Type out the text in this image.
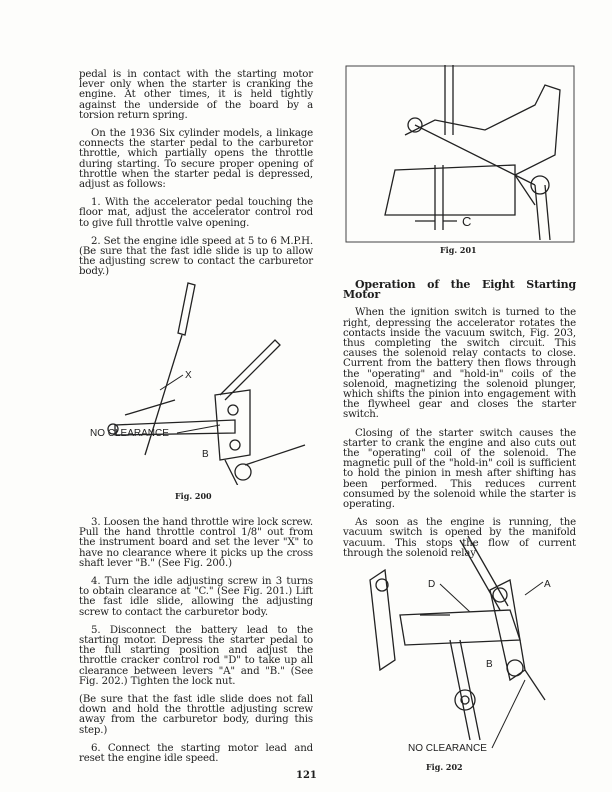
pedal is in contact with the starting motor lever only when the starter is cranking the engine. At other times, it is held tightly against the underside of the board by a torsion return spring.

On the 1936 Six cylinder models, a linkage connects the starter pedal to the carburetor throttle, which partially opens the throttle during starting. To secure proper opening of throttle when the starter pedal is depressed, adjust as follows:

1. With the accelerator pedal touching the floor mat, adjust the accelerator control rod to give full throttle valve opening.

2. Set the engine idle speed at 5 to 6 M.P.H. (Be sure that the fast idle slide is up to allow the adjusting screw to contact the carburetor body.)

X
NO CLEARANCE
B
Fig. 200

3. Loosen the hand throttle wire lock screw. Pull the hand throttle control 1/8" out from the instrument board and set the lever "X" to have no clearance where it picks up the cross shaft lever "B." (See Fig. 200.)

4. Turn the idle adjusting screw in 3 turns to obtain clearance at "C." (See Fig. 201.) Lift the fast idle slide, allowing the adjusting screw to contact the carburetor body.

5. Disconnect the battery lead to the starting motor. Depress the starter pedal to the full starting position and adjust the throttle cracker control rod "D" to take up all clearance between levers "A" and "B." (See Fig. 202.) Tighten the lock nut.

(Be sure that the fast idle slide does not fall down and hold the throttle adjusting screw away from the carburetor body, during this step.)

6. Connect the starting motor lead and reset the engine idle speed.

C
Fig. 201

Operation of the Eight Starting Motor

When the ignition switch is turned to the right, depressing the accelerator rotates the contacts inside the vacuum switch, Fig. 203, thus completing the switch circuit. This causes the solenoid relay contacts to close. Current from the battery then flows through the "operating" and "hold-in" coils of the solenoid, magnetizing the solenoid plunger, which shifts the pinion into engagement with the flywheel gear and closes the starter switch.

Closing of the starter switch causes the starter to crank the engine and also cuts out the "operating" coil of the solenoid. The magnetic pull of the "hold-in" coil is sufficient to hold the pinion in mesh after shifting has been performed. This reduces current consumed by the solenoid while the starter is operating.

As soon as the engine is running, the vacuum switch is opened by the manifold vacuum. This stops the flow of current through the solenoid relay

D	A
B
NO CLEARANCE
Fig. 202
121
